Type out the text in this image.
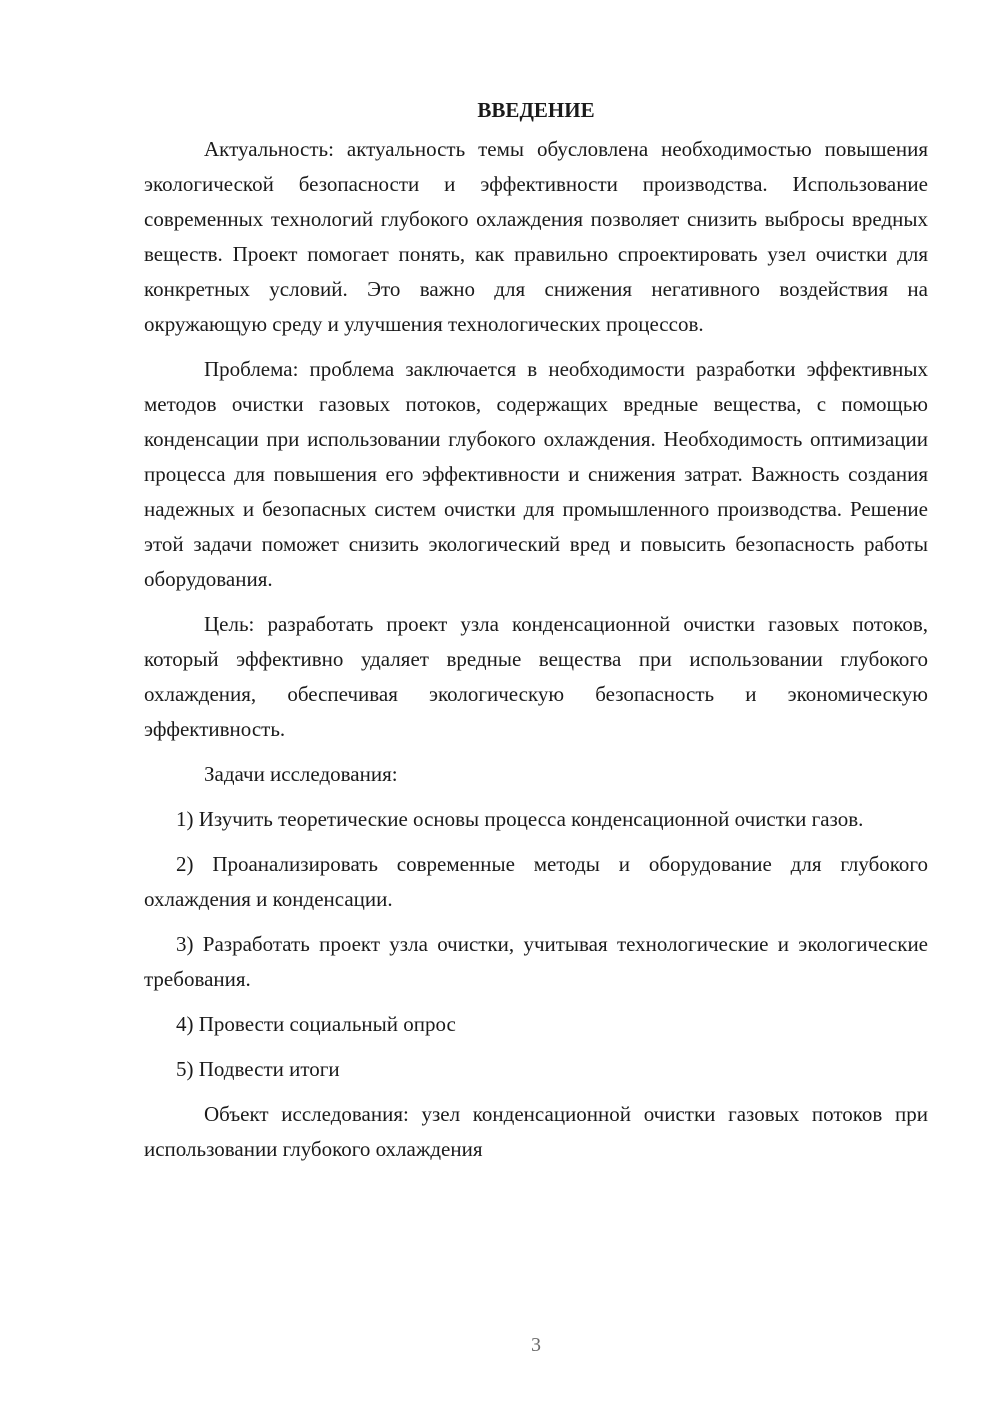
ВВЕДЕНИЕ

Актуальность: актуальность темы обусловлена необходимостью повышения экологической безопасности и эффективности производства. Использование современных технологий глубокого охлаждения позволяет снизить выбросы вредных веществ. Проект помогает понять, как правильно спроектировать узел очистки для конкретных условий. Это важно для снижения негативного воздействия на окружающую среду и улучшения технологических процессов.

Проблема: проблема заключается в необходимости разработки эффективных методов очистки газовых потоков, содержащих вредные вещества, с помощью конденсации при использовании глубокого охлаждения. Необходимость оптимизации процесса для повышения его эффективности и снижения затрат. Важность создания надежных и безопасных систем очистки для промышленного производства. Решение этой задачи поможет снизить экологический вред и повысить безопасность работы оборудования.

Цель: разработать проект узла конденсационной очистки газовых потоков, который эффективно удаляет вредные вещества при использовании глубокого охлаждения, обеспечивая экологическую безопасность и экономическую эффективность.

Задачи исследования:

1) Изучить теоретические основы процесса конденсационной очистки газов.

2) Проанализировать современные методы и оборудование для глубокого охлаждения и конденсации.

3) Разработать проект узла очистки, учитывая технологические и экологические требования.

4) Провести социальный опрос

5) Подвести итоги

Объект исследования: узел конденсационной очистки газовых потоков при использовании глубокого охлаждения

3
